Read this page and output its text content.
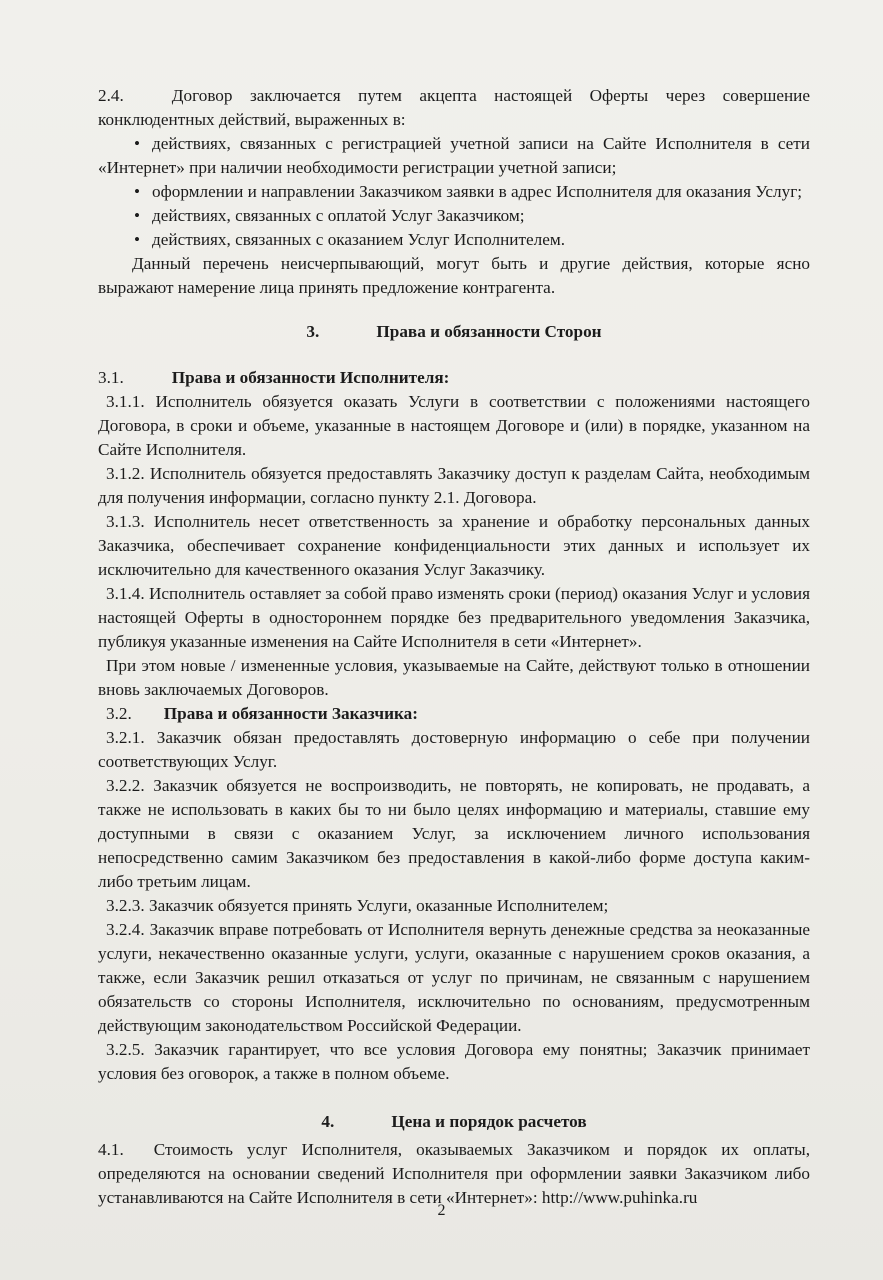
2.4.	Договор заключается путем акцепта настоящей Оферты через совершение конклюдентных действий, выраженных в:

• действиях, связанных с регистрацией учетной записи на Сайте Исполнителя в сети «Интернет» при наличии необходимости регистрации учетной записи;

• оформлении и направлении Заказчиком заявки в адрес Исполнителя для оказания Услуг;

• действиях, связанных с оплатой Услуг Заказчиком;

• действиях, связанных с оказанием Услуг Исполнителем.

Данный перечень неисчерпывающий, могут быть и другие действия, которые ясно выражают намерение лица принять предложение контрагента.

3.	Права и обязанности Сторон

3.1.	Права и обязанности Исполнителя:

3.1.1. Исполнитель обязуется оказать Услуги в соответствии с положениями настоящего Договора, в сроки и объеме, указанные в настоящем Договоре и (или) в порядке, указанном на Сайте Исполнителя.

3.1.2. Исполнитель обязуется предоставлять Заказчику доступ к разделам Сайта, необходимым для получения информации, согласно пункту 2.1. Договора.

3.1.3. Исполнитель несет ответственность за хранение и обработку персональных данных Заказчика, обеспечивает сохранение конфиденциальности этих данных и использует их исключительно для качественного оказания Услуг Заказчику.

3.1.4. Исполнитель оставляет за собой право изменять сроки (период) оказания Услуг и условия настоящей Оферты в одностороннем порядке без предварительного уведомления Заказчика, публикуя указанные изменения на Сайте Исполнителя в сети «Интернет».

При этом новые / измененные условия, указываемые на Сайте, действуют только в отношении вновь заключаемых Договоров.

3.2. Права и обязанности Заказчика:

3.2.1. Заказчик обязан предоставлять достоверную информацию о себе при получении соответствующих Услуг.

3.2.2. Заказчик обязуется не воспроизводить, не повторять, не копировать, не продавать, а также не использовать в каких бы то ни было целях информацию и материалы, ставшие ему доступными в связи с оказанием Услуг, за исключением личного использования непосредственно самим Заказчиком без предоставления в какой-либо форме доступа каким-либо третьим лицам.

3.2.3. Заказчик обязуется принять Услуги, оказанные Исполнителем;

3.2.4. Заказчик вправе потребовать от Исполнителя вернуть денежные средства за неоказанные услуги, некачественно оказанные услуги, услуги, оказанные с нарушением сроков оказания, а также, если Заказчик решил отказаться от услуг по причинам, не связанным с нарушением обязательств со стороны Исполнителя, исключительно по основаниям, предусмотренным действующим законодательством Российской Федерации.

3.2.5. Заказчик гарантирует, что все условия Договора ему понятны; Заказчик принимает условия без оговорок, а также в полном объеме.

4.	Цена и порядок расчетов

4.1. Стоимость услуг Исполнителя, оказываемых Заказчиком и порядок их оплаты, определяются на основании сведений Исполнителя при оформлении заявки Заказчиком либо устанавливаются на Сайте Исполнителя в сети «Интернет»: http://www.puhinka.ru

2
